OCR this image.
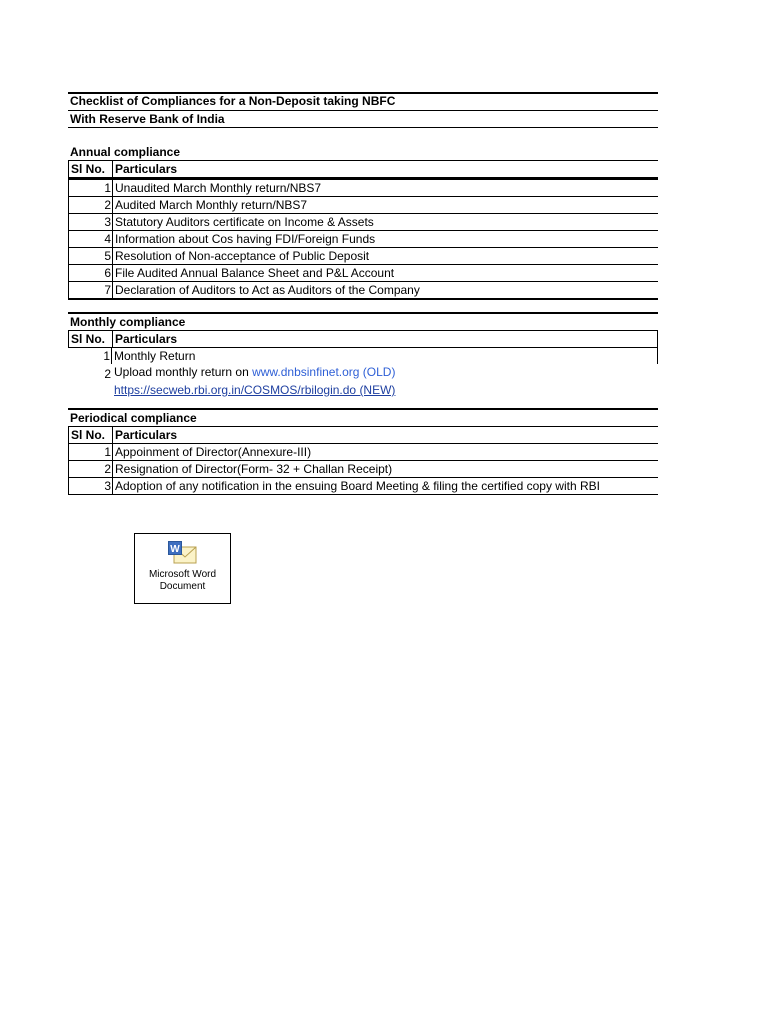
Checklist of Compliances for a Non-Deposit taking NBFC
With Reserve Bank of India
Annual compliance
Sl No. Particulars
1 Unaudited March Monthly return/NBS7
2 Audited March Monthly return/NBS7
3 Statutory Auditors certificate on Income & Assets
4 Information about Cos having FDI/Foreign Funds
5 Resolution of Non-acceptance of Public Deposit
6 File Audited Annual Balance Sheet and P&L Account
7 Declaration of Auditors to Act as Auditors of the Company
Monthly compliance
Sl No. Particulars
1 Monthly Return
2 Upload monthly return on www.dnbsinfinet.org (OLD)
https://secweb.rbi.org.in/COSMOS/rbilogin.do (NEW)
Periodical compliance
Sl No. Particulars
1 Appoinment of Director(Annexure-III)
2 Resignation of Director(Form- 32 + Challan Receipt)
3 Adoption of any notification in the ensuing Board Meeting & filing the certified copy with RBI
W
Microsoft Word
Document
